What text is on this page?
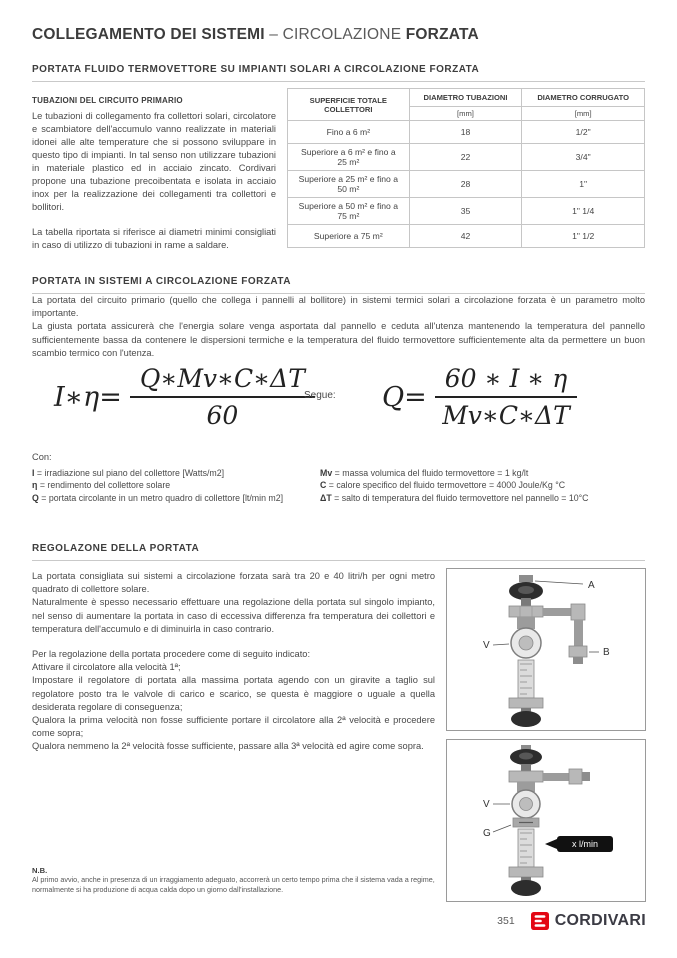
COLLEGAMENTO DEI SISTEMI – CIRCOLAZIONE FORZATA
PORTATA FLUIDO TERMOVETTORE SU IMPIANTI SOLARI A CIRCOLAZIONE FORZATA
TUBAZIONI DEL CIRCUITO PRIMARIO

Le tubazioni di collegamento fra collettori solari, circolatore e scambiatore dell'accumulo vanno realizzate in materiali idonei alle alte temperature che si possono sviluppare in questo tipo di impianti. In tal senso non utilizzare tubazioni in materiale plastico ed in acciaio zincato. Cordivari propone una tubazione precoibentata e isolata in acciaio inox per la realizzazione dei collegamenti tra collettori e bollitori.

La tabella riportata si riferisce ai diametri minimi consigliati in caso di utilizzo di tubazioni in rame a saldare.

SUPERFICIE TOTALE COLLETTORI	DIAMETRO TUBAZIONI	DIAMETRO CORRUGATO
	[mm]	[mm]
Fino a 6 m²	18	1/2"
Superiore a 6 m² e fino a 25 m²	22	3/4"
Superiore a 25 m² e fino a 50 m²	28	1"
Superiore a 50 m² e fino a 75 m²	35	1" 1/4
Superiore a 75 m²	42	1" 1/2
PORTATA IN SISTEMI A CIRCOLAZIONE FORZATA

La portata del circuito primario (quello che collega i pannelli al bollitore) in sistemi termici solari a circolazione forzata è un parametro molto importante.

La giusta portata assicurerà che l'energia solare venga asportata dal pannello e ceduta all'utenza mantenendo la temperatura del pannello sufficientemente bassa da contenere le dispersioni termiche e la temperatura del fluido termovettore sufficientemente alta da permettere un buon scambio termico con l'utenza.

I∗η= $\frac{Q∗Mv∗C∗\Delta T}{60}$
Segue: $Q= \frac{60 ∗ I ∗ \eta}{Mv∗C∗\Delta T}$
Con:
I = irradiazione sul piano del collettore [Watts/m2]
η = rendimento del collettore solare
Q = portata circolante in un metro quadro di collettore [lt/min m2]
Mv = massa volumica del fluido termovettore = 1 kg/lt
C = calore specifico del fluido termovettore = 4000 Joule/Kg °C
ΔT = salto di temperatura del fluido termovettore nel pannello = 10°C
REGOLAZONE DELLA PORTATA

La portata consigliata sui sistemi a circolazione forzata sarà tra 20 e 40 litri/h per ogni metro quadrato di collettore solare.

Naturalmente è spesso necessario effettuare una regolazione della portata sul singolo impianto, nel senso di aumentare la portata in caso di eccessiva differenza fra temperatura dei collettori e temperatura dell'accumulo e di diminuirla in caso contrario.

Per la regolazione della portata procedere come di seguito indicato:

Attivare il circolatore alla velocità 1ª;

Impostare il regolatore di portata alla massima portata agendo con un giravite a taglio sul regolatore posto tra le valvole di carico e scarico, se questa è maggiore o uguale a quella desiderata regolare di conseguenza;

Qualora la prima velocità non fosse sufficiente portare il circolatore alla 2ª velocità e procedere come sopra;

Qualora nemmeno la 2ª velocità fosse sufficiente, passare alla 3ª velocità ed agire come sopra.

A
B
V
V
G
x l/min
N.B.
Al primo avvio, anche in presenza di un irraggiamento adeguato, accorrerà un certo tempo prima che il sistema vada a regime, normalmente si ha produzione di acqua calda dopo un giorno dall'installazione.
351	CORDIVARI
